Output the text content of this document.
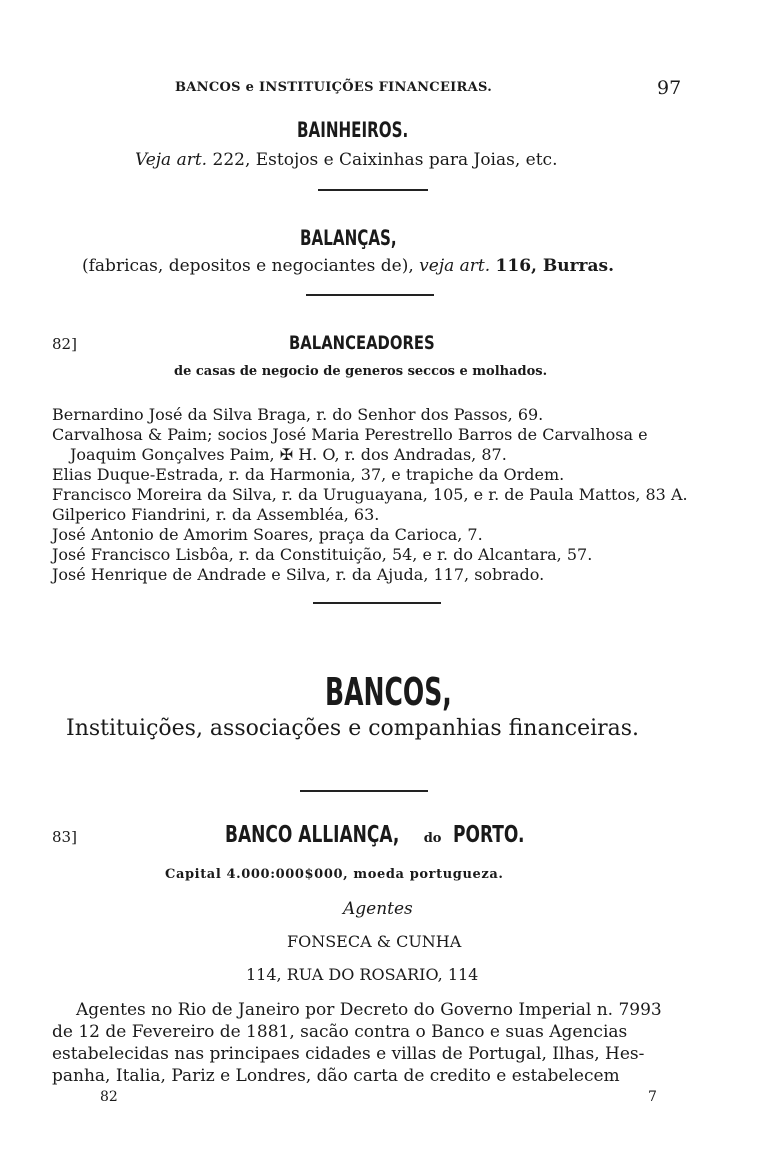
BANCOS e INSTITUIÇÕES FINANCEIRAS.	97
BAINHEIROS.
Veja art. 222, Estojos e Caixinhas para Joias, etc.
BALANÇAS,
(fabricas, depositos e negociantes de), veja art. 116, Burras.
82]	BALANCEADORES
de casas de negocio de generos seccos e molhados.
Bernardino José da Silva Braga, r. do Senhor dos Passos, 69.
Carvalhosa & Paim; socios José Maria Perestrello Barros de Carvalhosa e
Joaquim Gonçalves Paim, ✠ H. O, r. dos Andradas, 87.
Elias Duque-Estrada, r. da Harmonia, 37, e trapiche da Ordem.
Francisco Moreira da Silva, r. da Uruguayana, 105, e r. de Paula Mattos, 83 A.
Gilperico Fiandrini, r. da Assembléa, 63.
José Antonio de Amorim Soares, praça da Carioca, 7.
José Francisco Lisbôa, r. da Constituição, 54, e r. do Alcantara, 57.
José Henrique de Andrade e Silva, r. da Ajuda, 117, sobrado.
BANCOS,
Instituições, associações e companhias financeiras.
83]	BANCO ALLIANÇA, do PORTO.
Capital 4.000:000$000, moeda portugueza.
Agentes
FONSECA & CUNHA
114, RUA DO ROSARIO, 114
Agentes no Rio de Janeiro por Decreto do Governo Imperial n. 7993
de 12 de Fevereiro de 1881, sacão contra o Banco e suas Agencias
estabelecidas nas principaes cidades e villas de Portugal, Ilhas, Hes-
panha, Italia, Pariz e Londres, dão carta de credito e estabelecem
82	7
